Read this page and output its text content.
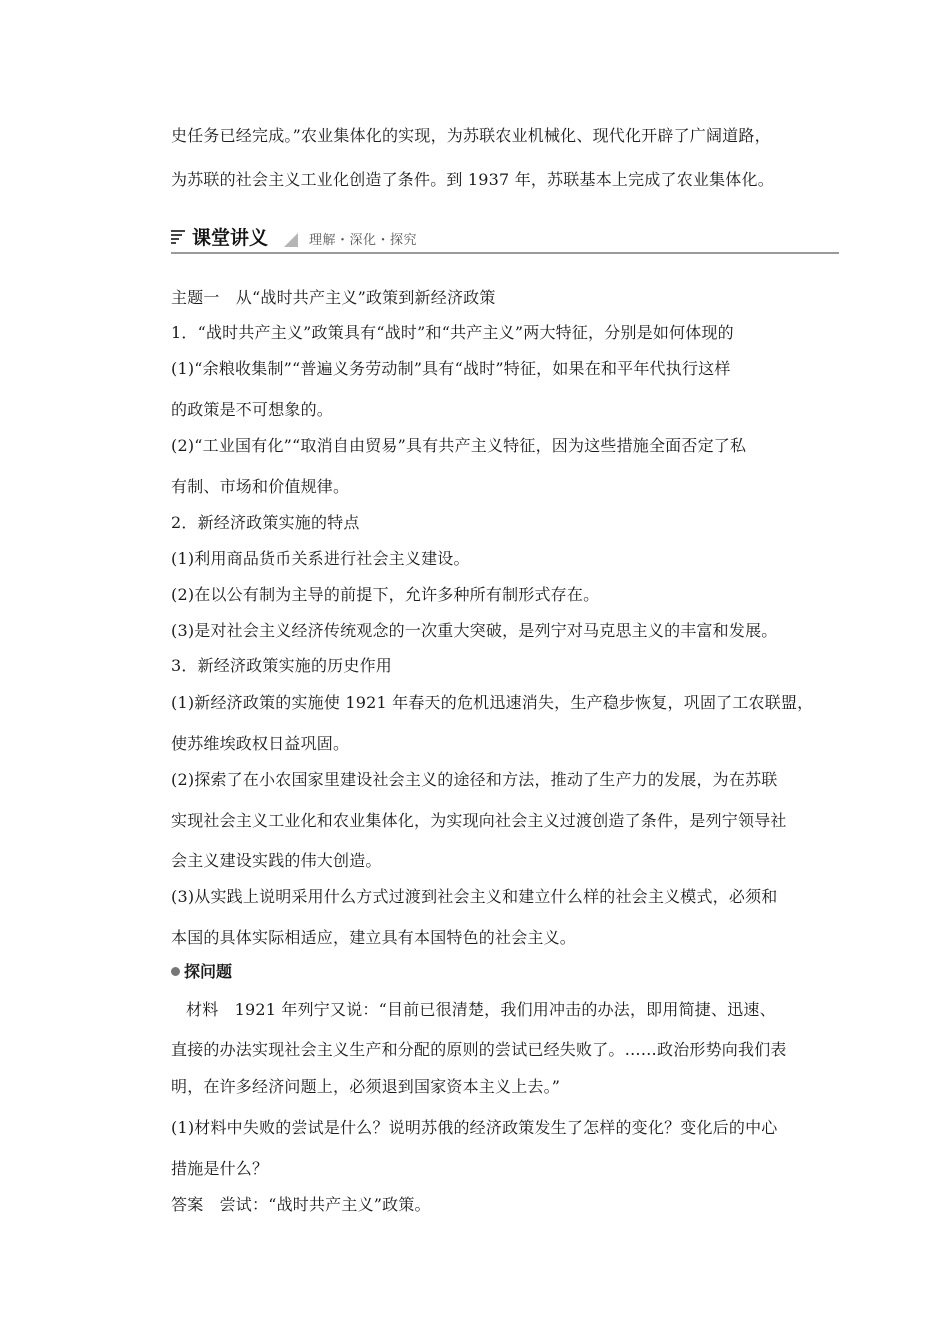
史任务已经完成。”农业集体化的实现，为苏联农业机械化、现代化开辟了广阔道路，
为苏联的社会主义工业化创造了条件。到 1937 年，苏联基本上完成了农业集体化。
课堂讲义	理解・深化・探究
主题一　从“战时共产主义”政策到新经济政策
1．“战时共产主义”政策具有“战时”和“共产主义”两大特征，分别是如何体现的
(1)“余粮收集制”“普遍义务劳动制”具有“战时”特征，如果在和平年代执行这样
的政策是不可想象的。
(2)“工业国有化”“取消自由贸易”具有共产主义特征，因为这些措施全面否定了私
有制、市场和价值规律。
2．新经济政策实施的特点
(1)利用商品货币关系进行社会主义建设。
(2)在以公有制为主导的前提下，允许多种所有制形式存在。
(3)是对社会主义经济传统观念的一次重大突破，是列宁对马克思主义的丰富和发展。
3．新经济政策实施的历史作用
(1)新经济政策的实施使 1921 年春天的危机迅速消失，生产稳步恢复，巩固了工农联盟，
使苏维埃政权日益巩固。
(2)探索了在小农国家里建设社会主义的途径和方法，推动了生产力的发展，为在苏联
实现社会主义工业化和农业集体化，为实现向社会主义过渡创造了条件，是列宁领导社
会主义建设实践的伟大创造。
(3)从实践上说明采用什么方式过渡到社会主义和建立什么样的社会主义模式，必须和
本国的具体实际相适应，建立具有本国特色的社会主义。
探问题
材料　1921 年列宁又说：“目前已很清楚，我们用冲击的办法，即用简捷、迅速、
直接的办法实现社会主义生产和分配的原则的尝试已经失败了。……政治形势向我们表
明，在许多经济问题上，必须退到国家资本主义上去。”
(1)材料中失败的尝试是什么？说明苏俄的经济政策发生了怎样的变化？变化后的中心
措施是什么？
答案　尝试：“战时共产主义”政策。
